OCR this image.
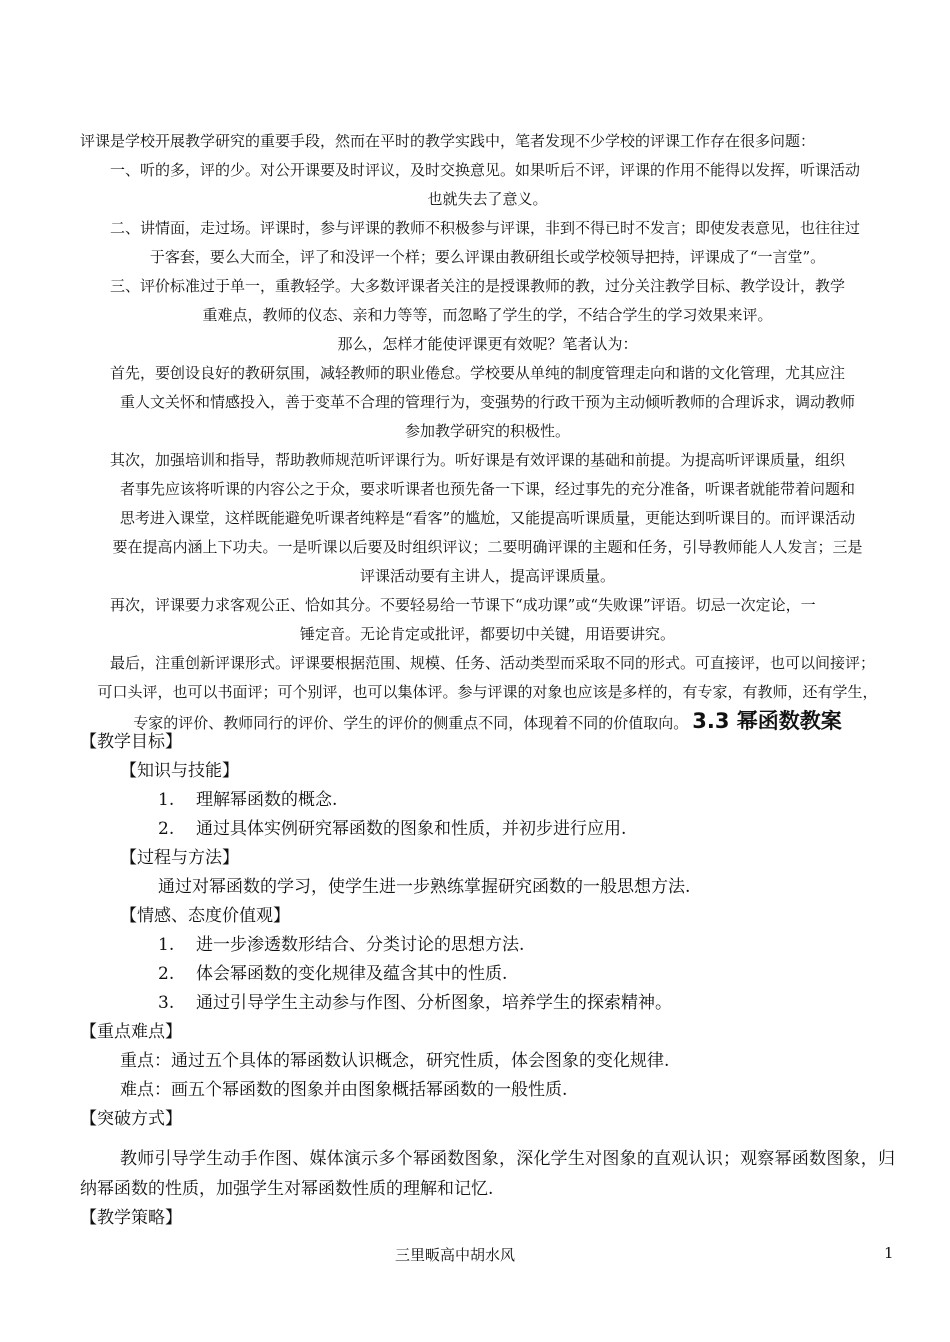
评课是学校开展教学研究的重要手段，然而在平时的教学实践中，笔者发现不少学校的评课工作存在很多问题：

一、听的多，评的少。对公开课要及时评议，及时交换意见。如果听后不评，评课的作用不能得以发挥，听课活动

也就失去了意义。

二、讲情面，走过场。评课时，参与评课的教师不积极参与评课，非到不得已时不发言；即使发表意见，也往往过

于客套，要么大而全，评了和没评一个样；要么评课由教研组长或学校领导把持，评课成了“一言堂”。

三、评价标准过于单一，重教轻学。大多数评课者关注的是授课教师的教，过分关注教学目标、教学设计，教学

重难点，教师的仪态、亲和力等等，而忽略了学生的学，不结合学生的学习效果来评。

那么，怎样才能使评课更有效呢？笔者认为：

首先，要创设良好的教研氛围，减轻教师的职业倦怠。学校要从单纯的制度管理走向和谐的文化管理，尤其应注

重人文关怀和情感投入，善于变革不合理的管理行为，变强势的行政干预为主动倾听教师的合理诉求，调动教师

参加教学研究的积极性。

其次，加强培训和指导，帮助教师规范听评课行为。听好课是有效评课的基础和前提。为提高听评课质量，组织

者事先应该将听课的内容公之于众，要求听课者也预先备一下课，经过事先的充分准备，听课者就能带着问题和

思考进入课堂，这样既能避免听课者纯粹是“看客”的尴尬，又能提高听课质量，更能达到听课目的。而评课活动

要在提高内涵上下功夫。一是听课以后要及时组织评议；二要明确评课的主题和任务，引导教师能人人发言；三是

评课活动要有主讲人，提高评课质量。

再次，评课要力求客观公正、恰如其分。不要轻易给一节课下“成功课”或“失败课”评语。切忌一次定论，一

锤定音。无论肯定或批评，都要切中关键，用语要讲究。

最后，注重创新评课形式。评课要根据范围、规模、任务、活动类型而采取不同的形式。可直接评，也可以间接评；

可口头评，也可以书面评；可个别评，也可以集体评。参与评课的对象也应该是多样的，有专家，有教师，还有学生，

专家的评价、教师同行的评价、学生的评价的侧重点不同，体现着不同的价值取向。 3.3 幂函数教案

【教学目标】

【知识与技能】

1.	理解幂函数的概念.

2.	通过具体实例研究幂函数的图象和性质，并初步进行应用.

【过程与方法】

通过对幂函数的学习，使学生进一步熟练掌握研究函数的一般思想方法.

【情感、态度价值观】

1.	进一步渗透数形结合、分类讨论的思想方法.

2.	体会幂函数的变化规律及蕴含其中的性质.

3.	通过引导学生主动参与作图、分析图象，培养学生的探索精神。

【重点难点】

重点：通过五个具体的幂函数认识概念，研究性质，体会图象的变化规律.

难点：画五个幂函数的图象并由图象概括幂函数的一般性质.

【突破方式】

教师引导学生动手作图、媒体演示多个幂函数图象，深化学生对图象的直观认识；观察幂函数图象，归纳幂函数的性质，加强学生对幂函数性质的理解和记忆.

【教学策略】

三里畈高中胡水风	1
